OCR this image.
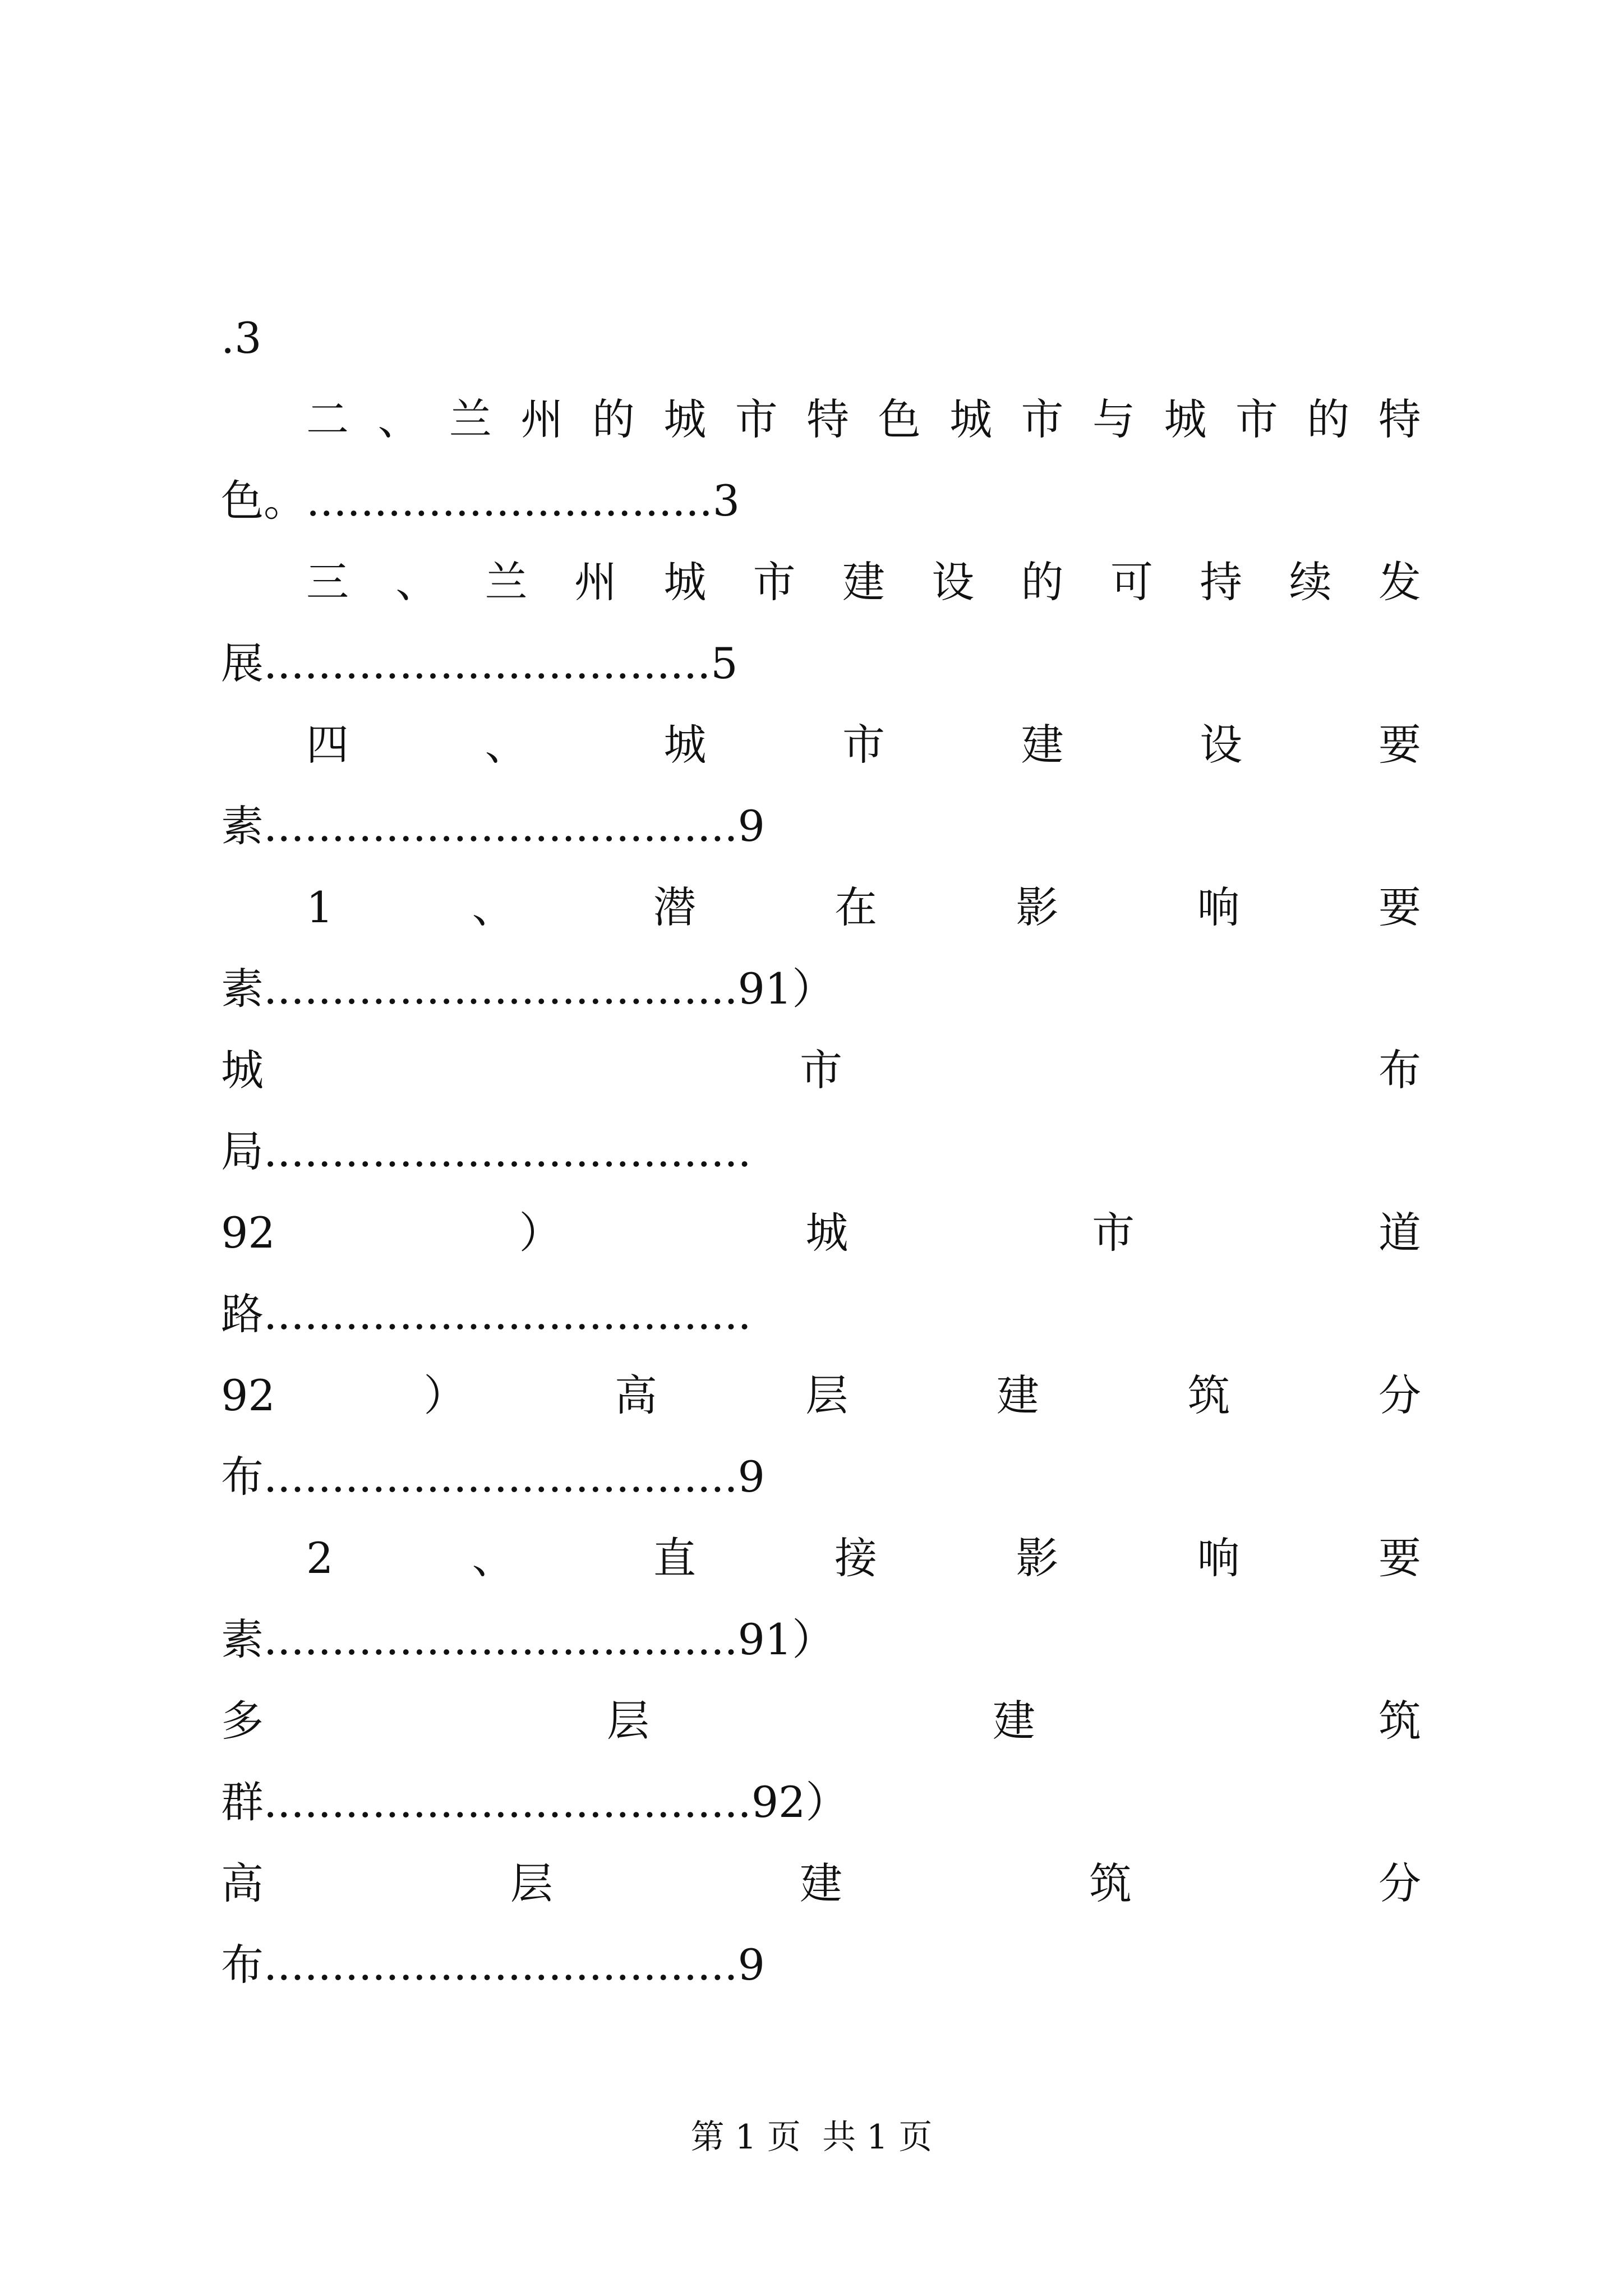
.3
二 、 兰 州 的 城 市 特 色 城 市 与 城 市 的 特
色。..............................3
三 、 兰 州 城 市 建 设 的 可 持 续 发
展.................................5
四	、	城	市	建	设	要
素...................................9
1	、	潜	在	影	响	要
素...................................91）
城	市	布
局....................................
92	）	城	市	道
路....................................
92	）	高	层	建	筑	分
布...................................9
2	、	直	接	影	响	要
素...................................91）
多	层	建	筑
群....................................92）
高	层	建	筑	分
布...................................9
第 1 页  共 1 页
